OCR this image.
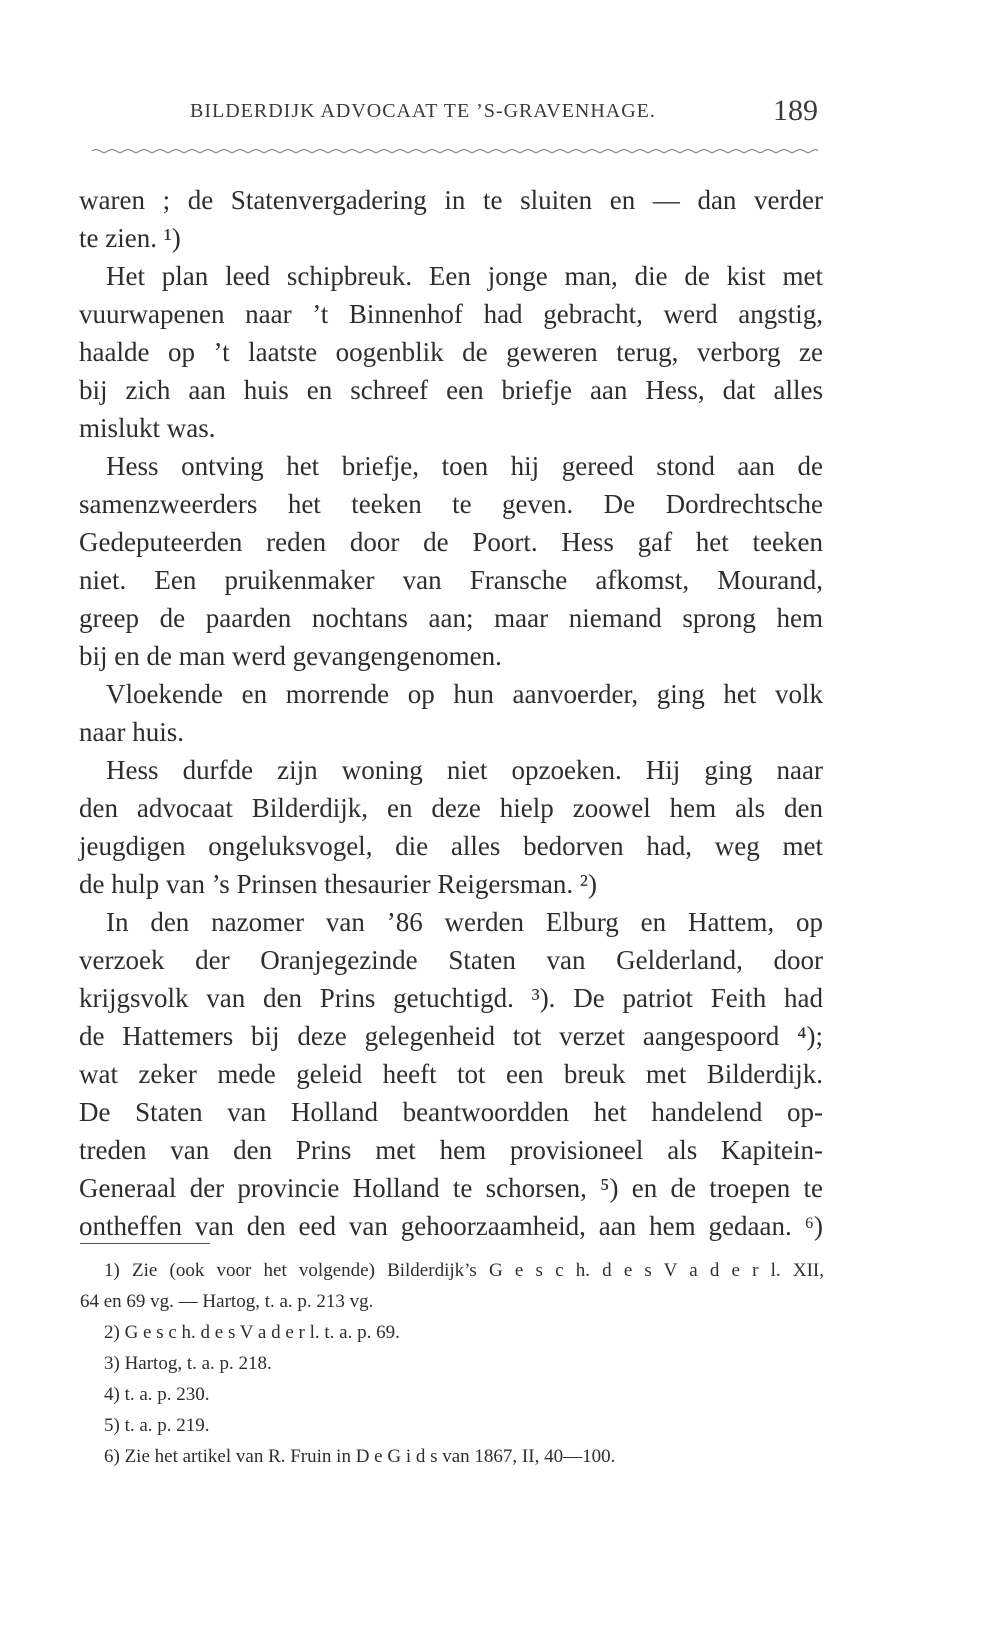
BILDERDIJK ADVOCAAT TE ’S-GRAVENHAGE.	189
waren ; de Statenvergadering in te sluiten en — dan verder
te zien. ¹)
Het plan leed schipbreuk. Een jonge man, die de kist met
vuurwapenen naar ’t Binnenhof had gebracht, werd angstig,
haalde op ’t laatste oogenblik de geweren terug, verborg ze
bij zich aan huis en schreef een briefje aan Hess, dat alles
mislukt was.
Hess ontving het briefje, toen hij gereed stond aan de
samenzweerders het teeken te geven. De Dordrechtsche
Gedeputeerden reden door de Poort. Hess gaf het teeken
niet. Een pruikenmaker van Fransche afkomst, Mourand,
greep de paarden nochtans aan; maar niemand sprong hem
bij en de man werd gevangengenomen.
Vloekende en morrende op hun aanvoerder, ging het volk
naar huis.
Hess durfde zijn woning niet opzoeken. Hij ging naar
den advocaat Bilderdijk, en deze hielp zoowel hem als den
jeugdigen ongeluksvogel, die alles bedorven had, weg met
de hulp van ’s Prinsen thesaurier Reigersman. ²)
In den nazomer van ’86 werden Elburg en Hattem, op
verzoek der Oranjegezinde Staten van Gelderland, door
krijgsvolk van den Prins getuchtigd. ³). De patriot Feith had
de Hattemers bij deze gelegenheid tot verzet aangespoord ⁴);
wat zeker mede geleid heeft tot een breuk met Bilderdijk.
De Staten van Holland beantwoordden het handelend op-
treden van den Prins met hem provisioneel als Kapitein-
Generaal der provincie Holland te schorsen, ⁵) en de troepen te
ontheffen van den eed van gehoorzaamheid, aan hem gedaan. ⁶)
1) Zie (ook voor het volgende) Bilderdijk’s G e s c h. d e s V a d e r l. XII,
64 en 69 vg. — Hartog, t. a. p. 213 vg.
2) G e s c h. d e s V a d e r l. t. a. p. 69.
3) Hartog, t. a. p. 218.
4) t. a. p. 230.
5) t. a. p. 219.
6) Zie het artikel van R. Fruin in D e G i d s van 1867, II, 40—100.
